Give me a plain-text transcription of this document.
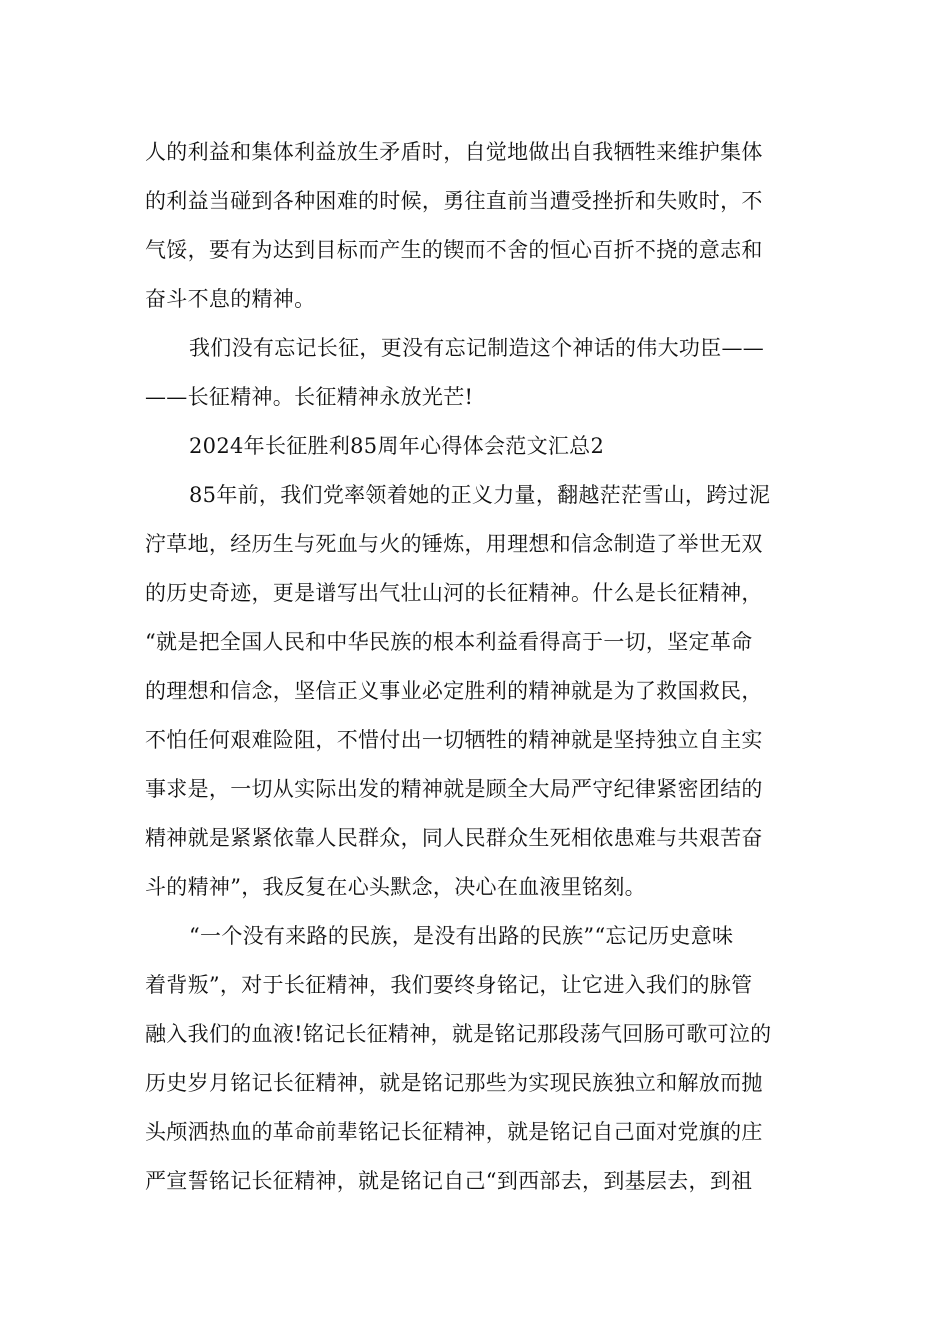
人的利益和集体利益放生矛盾时，自觉地做出自我牺牲来维护集体
的利益当碰到各种困难的时候，勇往直前当遭受挫折和失败时，不
气馁，要有为达到目标而产生的锲而不舍的恒心百折不挠的意志和
奋斗不息的精神。
我们没有忘记长征，更没有忘记制造这个神话的伟大功臣——
——长征精神。长征精神永放光芒!
2024年长征胜利85周年心得体会范文汇总2
85年前，我们党率领着她的正义力量，翻越茫茫雪山，跨过泥
泞草地，经历生与死血与火的锤炼，用理想和信念制造了举世无双
的历史奇迹，更是谱写出气壮山河的长征精神。什么是长征精神，
“就是把全国人民和中华民族的根本利益看得高于一切，坚定革命
的理想和信念，坚信正义事业必定胜利的精神就是为了救国救民，
不怕任何艰难险阻，不惜付出一切牺牲的精神就是坚持独立自主实
事求是，一切从实际出发的精神就是顾全大局严守纪律紧密团结的
精神就是紧紧依靠人民群众，同人民群众生死相依患难与共艰苦奋
斗的精神”，我反复在心头默念，决心在血液里铭刻。
“一个没有来路的民族，是没有出路的民族”“忘记历史意味
着背叛”，对于长征精神，我们要终身铭记，让它进入我们的脉管
融入我们的血液!铭记长征精神，就是铭记那段荡气回肠可歌可泣的
历史岁月铭记长征精神，就是铭记那些为实现民族独立和解放而抛
头颅洒热血的革命前辈铭记长征精神，就是铭记自己面对党旗的庄
严宣誓铭记长征精神，就是铭记自己“到西部去，到基层去，到祖
